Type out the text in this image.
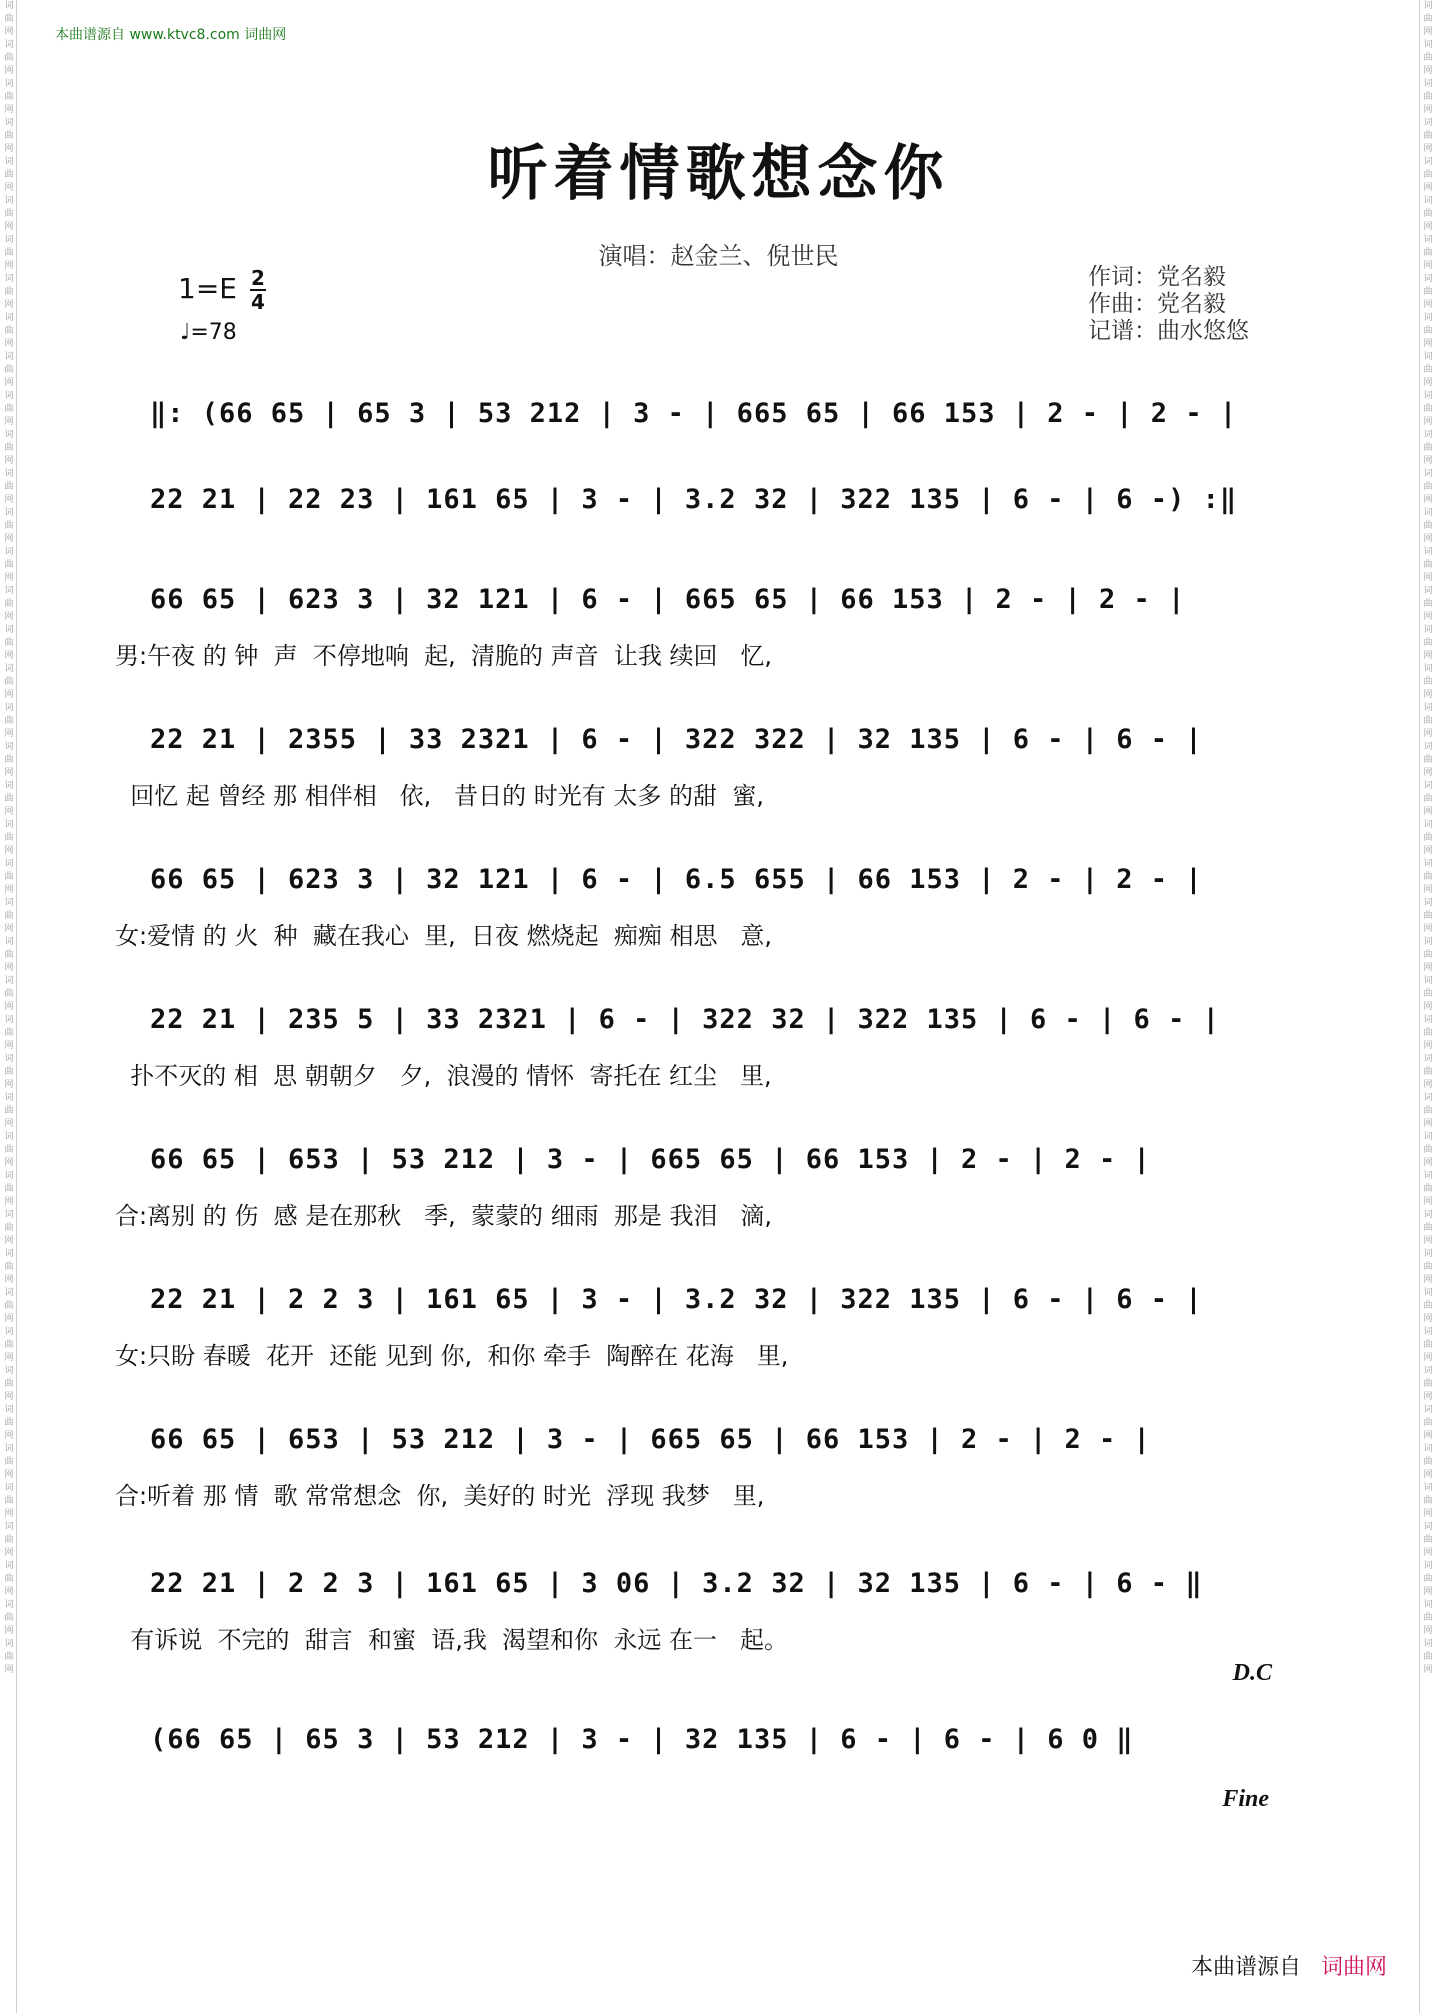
词曲网词曲网词曲网词曲网词曲网词曲网词曲网词曲网词曲网词曲网词曲网词曲网词曲网词曲网词曲网词曲网词曲网词曲网词曲网词曲网词曲网词曲网词曲网词曲网词曲网词曲网词曲网词曲网词曲网词曲网词曲网词曲网词曲网词曲网词曲网词曲网词曲网词曲网词曲网词曲网词曲网词曲网词曲网
词曲网词曲网词曲网词曲网词曲网词曲网词曲网词曲网词曲网词曲网词曲网词曲网词曲网词曲网词曲网词曲网词曲网词曲网词曲网词曲网词曲网词曲网词曲网词曲网词曲网词曲网词曲网词曲网词曲网词曲网词曲网词曲网词曲网词曲网词曲网词曲网词曲网词曲网词曲网词曲网词曲网词曲网词曲网
本曲谱源自 www.ktvc8.com 词曲网
听着情歌想念你
演唱：赵金兰、倪世民
1=E 2
4
♩=78
作词：党名毅
作曲：党名毅
记谱：曲水悠悠
‖: (66 65 | 65 3 | 53 212 | 3 - | 665 65 | 66 153 | 2 - | 2 - |
22 21 | 22 23 | 161 65 | 3 - | 3.2 32 | 322 135 | 6 - | 6 -) :‖
66 65 | 623 3 | 32 121 | 6 - | 665 65 | 66 153 | 2 - | 2 - |
男:午夜 的 钟  声  不停地响  起,  清脆的 声音  让我 续回   忆,
22 21 | 2355 | 33 2321 | 6 - | 322 322 | 32 135 | 6 - | 6 - |
回忆 起 曾经 那 相伴相   依,   昔日的 时光有 太多 的甜  蜜,
66 65 | 623 3 | 32 121 | 6 - | 6.5 655 | 66 153 | 2 - | 2 - |
女:爱情 的 火  种  藏在我心  里,  日夜 燃烧起  痴痴 相思   意,
22 21 | 235 5 | 33 2321 | 6 - | 322 32 | 322 135 | 6 - | 6 - |
扑不灭的 相  思 朝朝夕   夕,  浪漫的 情怀  寄托在 红尘   里,
66 65 | 653 | 53 212 | 3 - | 665 65 | 66 153 | 2 - | 2 - |
合:离别 的 伤  感 是在那秋   季,  蒙蒙的 细雨  那是 我泪   滴,
22 21 | 2 2 3 | 161 65 | 3 - | 3.2 32 | 322 135 | 6 - | 6 - |
女:只盼 春暖  花开  还能 见到 你,  和你 牵手  陶醉在 花海   里,
66 65 | 653 | 53 212 | 3 - | 665 65 | 66 153 | 2 - | 2 - |
合:听着 那 情  歌 常常想念  你,  美好的 时光  浮现 我梦   里,
22 21 | 2 2 3 | 161 65 | 3 06 | 3.2 32 | 32 135 | 6 - | 6 - ‖
有诉说  不完的  甜言  和蜜  语,我  渴望和你  永远 在一   起。
(66 65 | 65 3 | 53 212 | 3 - | 32 135 | 6 - | 6 - | 6 0 ‖
D.C
Fine
本曲谱源自 词曲网
